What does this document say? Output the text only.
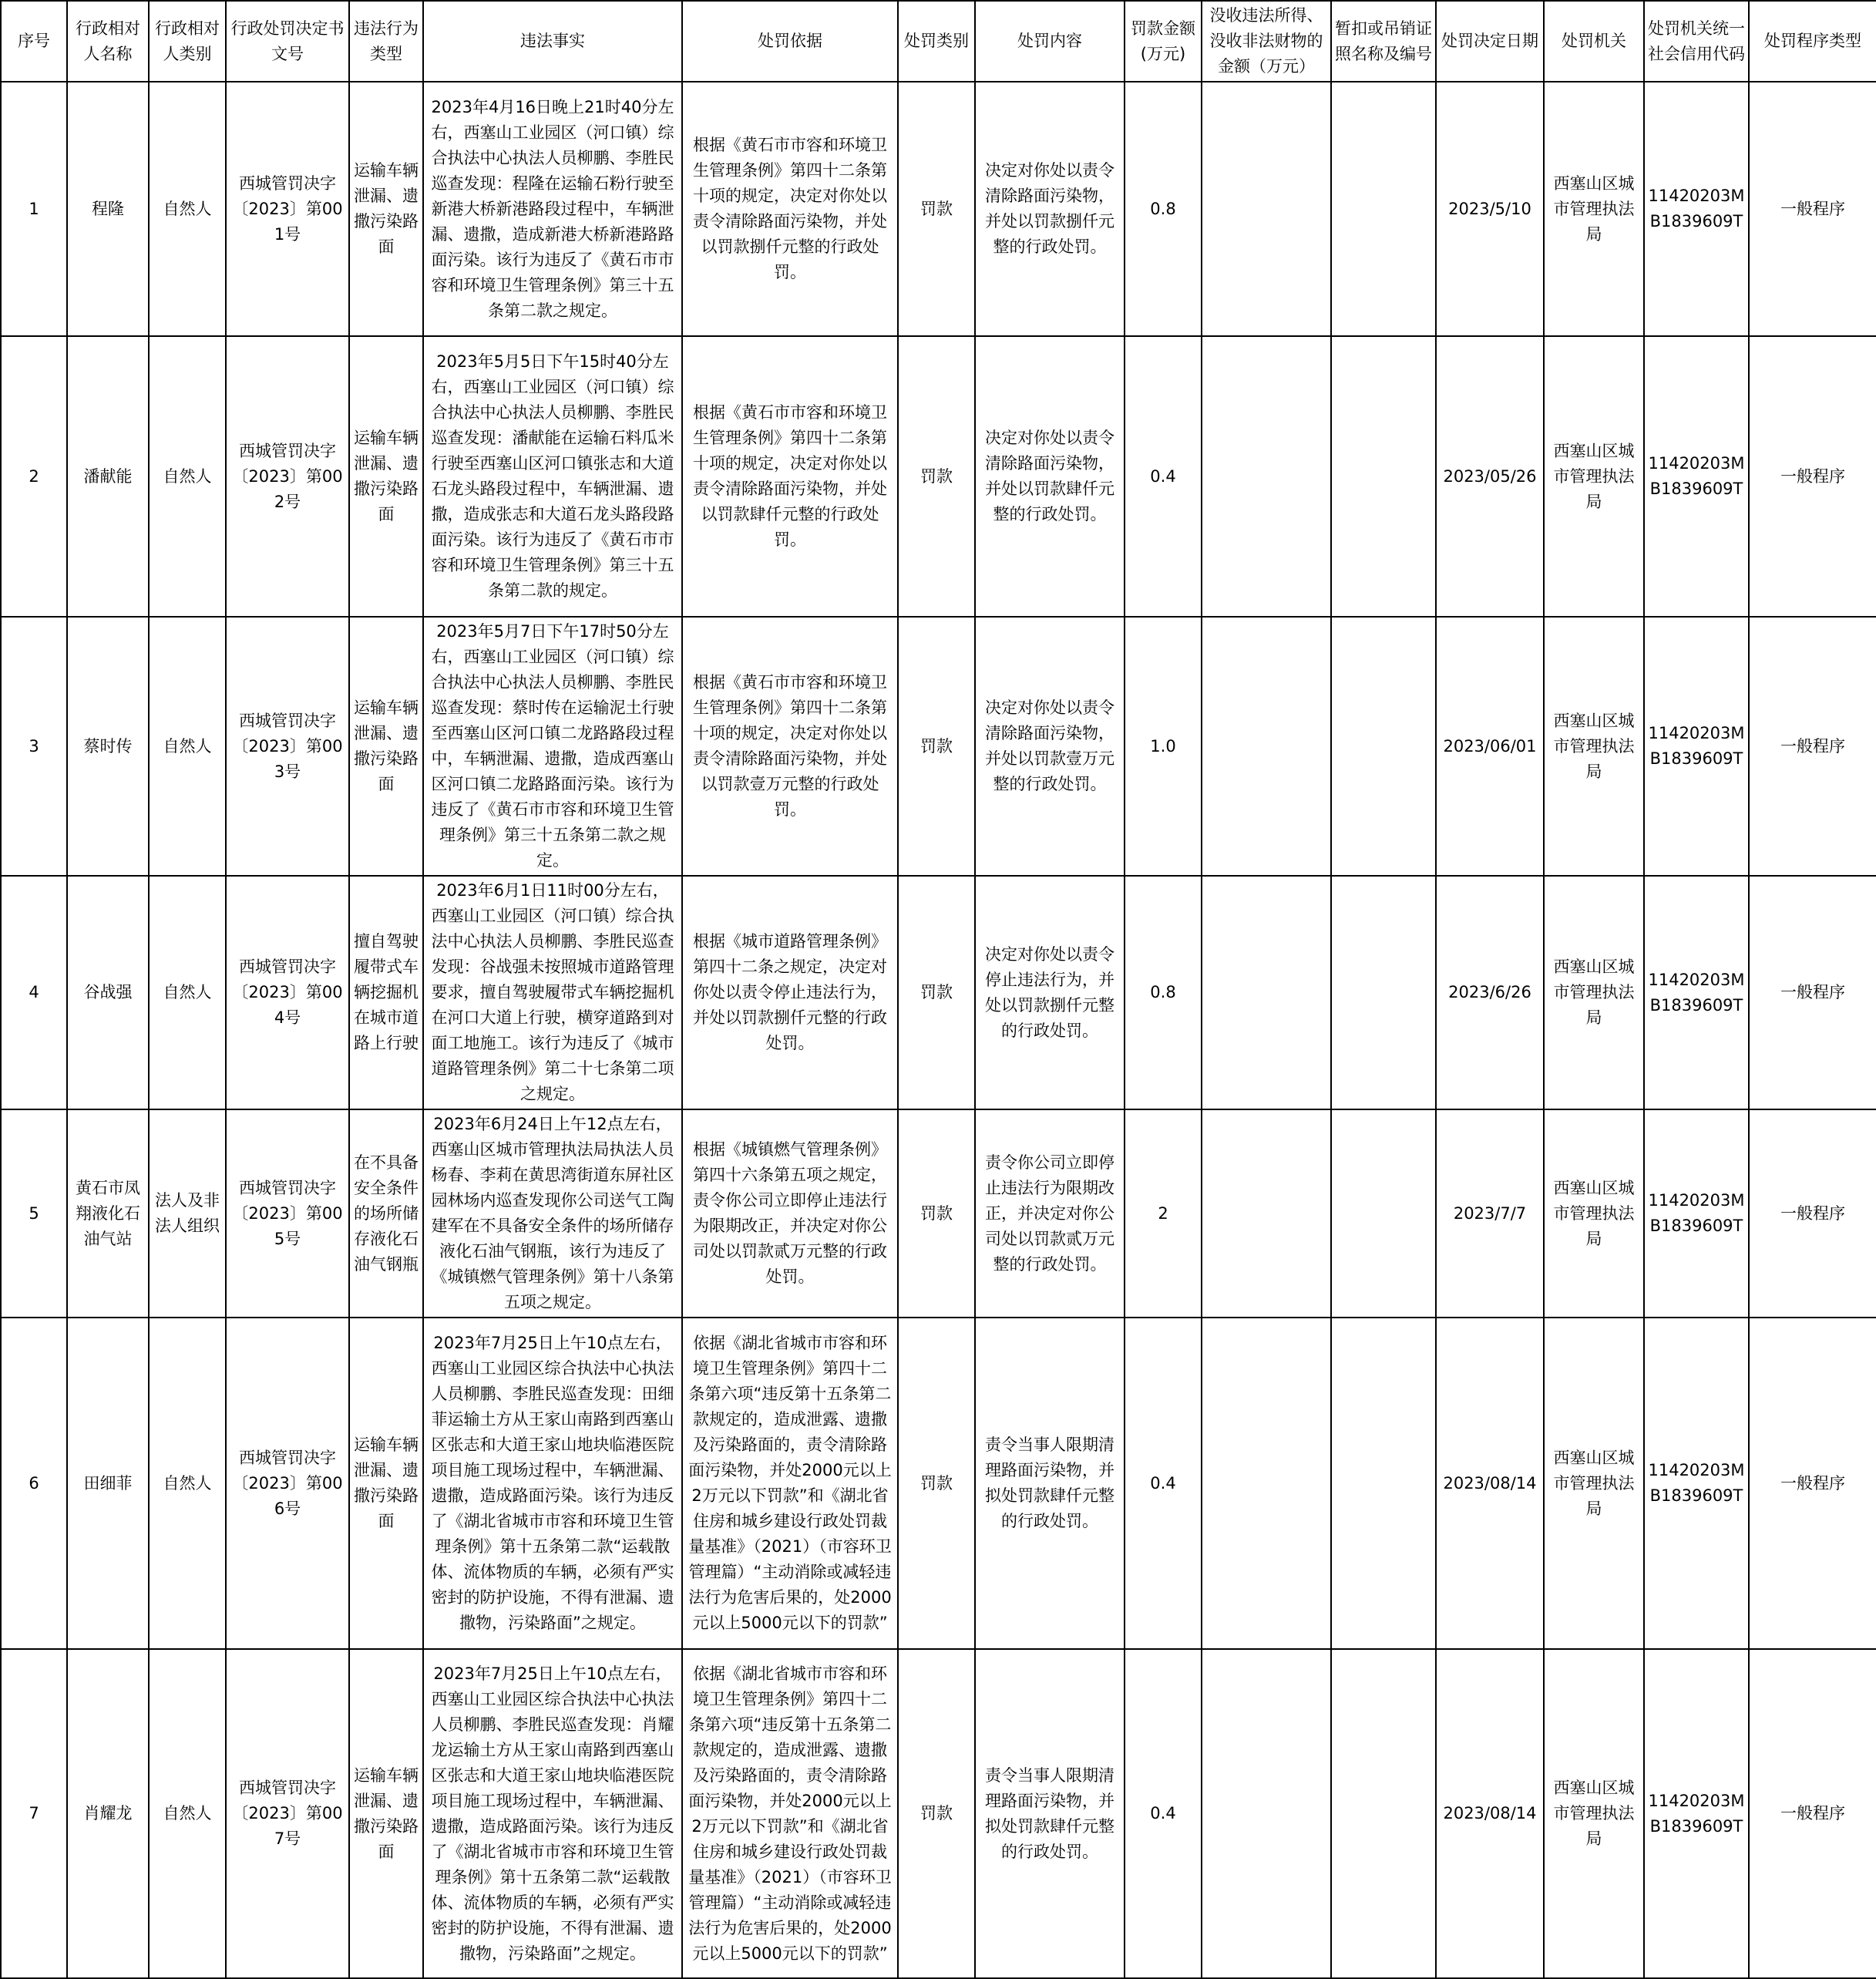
序号	行政相对人名称	行政相对人类别	行政处罚决定书文号	违法行为类型	违法事实	处罚依据	处罚类别	处罚内容	罚款金额(万元)	没收违法所得、没收非法财物的金额（万元）	暂扣或吊销证照名称及编号	处罚决定日期	处罚机关	处罚机关统一社会信用代码	处罚程序类型
1	程隆	自然人	西城管罚决字〔2023〕第001号	运输车辆泄漏、遗撒污染路面	2023年4月16日晚上21时40分左右，西塞山工业园区（河口镇）综合执法中心执法人员柳鹏、李胜民巡查发现：程隆在运输石粉行驶至新港大桥新港路段过程中，车辆泄漏、遗撒，造成新港大桥新港路路面污染。该行为违反了《黄石市市容和环境卫生管理条例》第三十五条第二款之规定。	根据《黄石市市容和环境卫生管理条例》第四十二条第十项的规定，决定对你处以责令清除路面污染物，并处以罚款捌仟元整的行政处罚。	罚款	决定对你处以责令清除路面污染物，并处以罚款捌仟元整的行政处罚。	0.8			2023/5/10	西塞山区城市管理执法局	11420203MB1839609T	一般程序
2	潘献能	自然人	西城管罚决字〔2023〕第002号	运输车辆泄漏、遗撒污染路面	2023年5月5日下午15时40分左右，西塞山工业园区（河口镇）综合执法中心执法人员柳鹏、李胜民巡查发现：潘献能在运输石料瓜米行驶至西塞山区河口镇张志和大道石龙头路段过程中，车辆泄漏、遗撒，造成张志和大道石龙头路段路面污染。该行为违反了《黄石市市容和环境卫生管理条例》第三十五条第二款的规定。	根据《黄石市市容和环境卫生管理条例》第四十二条第十项的规定，决定对你处以责令清除路面污染物，并处以罚款肆仟元整的行政处罚。	罚款	决定对你处以责令清除路面污染物，并处以罚款肆仟元整的行政处罚。	0.4			2023/05/26	西塞山区城市管理执法局	11420203MB1839609T	一般程序
3	蔡时传	自然人	西城管罚决字〔2023〕第003号	运输车辆泄漏、遗撒污染路面	2023年5月7日下午17时50分左右，西塞山工业园区（河口镇）综合执法中心执法人员柳鹏、李胜民巡查发现：蔡时传在运输泥土行驶至西塞山区河口镇二龙路路段过程中，车辆泄漏、遗撒，造成西塞山区河口镇二龙路路面污染。该行为违反了《黄石市市容和环境卫生管理条例》第三十五条第二款之规定。	根据《黄石市市容和环境卫生管理条例》第四十二条第十项的规定，决定对你处以责令清除路面污染物，并处以罚款壹万元整的行政处罚。	罚款	决定对你处以责令清除路面污染物，并处以罚款壹万元整的行政处罚。	1.0			2023/06/01	西塞山区城市管理执法局	11420203MB1839609T	一般程序
4	谷战强	自然人	西城管罚决字〔2023〕第004号	擅自驾驶履带式车辆挖掘机在城市道路上行驶	2023年6月1日11时00分左右，西塞山工业园区（河口镇）综合执法中心执法人员柳鹏、李胜民巡查发现：谷战强未按照城市道路管理要求，擅自驾驶履带式车辆挖掘机在河口大道上行驶，横穿道路到对面工地施工。该行为违反了《城市道路管理条例》第二十七条第二项之规定。	根据《城市道路管理条例》第四十二条之规定，决定对你处以责令停止违法行为，并处以罚款捌仟元整的行政处罚。	罚款	决定对你处以责令停止违法行为，并处以罚款捌仟元整的行政处罚。	0.8			2023/6/26	西塞山区城市管理执法局	11420203MB1839609T	一般程序
5	黄石市凤翔液化石油气站	法人及非法人组织	西城管罚决字〔2023〕第005号	在不具备安全条件的场所储存液化石油气钢瓶	2023年6月24日上午12点左右，西塞山区城市管理执法局执法人员杨春、李莉在黄思湾街道东屏社区园林场内巡查发现你公司送气工陶建军在不具备安全条件的场所储存液化石油气钢瓶，该行为违反了《城镇燃气管理条例》第十八条第五项之规定。	根据《城镇燃气管理条例》第四十六条第五项之规定，责令你公司立即停止违法行为限期改正，并决定对你公司处以罚款贰万元整的行政处罚。	罚款	责令你公司立即停止违法行为限期改正，并决定对你公司处以罚款贰万元整的行政处罚。	2			2023/7/7	西塞山区城市管理执法局	11420203MB1839609T	一般程序
6	田细菲	自然人	西城管罚决字〔2023〕第006号	运输车辆泄漏、遗撒污染路面	2023年7月25日上午10点左右，西塞山工业园区综合执法中心执法人员柳鹏、李胜民巡查发现：田细菲运输土方从王家山南路到西塞山区张志和大道王家山地块临港医院项目施工现场过程中，车辆泄漏、遗撒，造成路面污染。该行为违反了《湖北省城市市容和环境卫生管理条例》第十五条第二款“运载散体、流体物质的车辆，必须有严实密封的防护设施，不得有泄漏、遗撒物，污染路面”之规定。	依据《湖北省城市市容和环境卫生管理条例》第四十二条第六项“违反第十五条第二款规定的，造成泄露、遗撒及污染路面的，责令清除路面污染物，并处2000元以上2万元以下罚款”和《湖北省住房和城乡建设行政处罚裁量基准》（2021）（市容环卫管理篇）“主动消除或减轻违法行为危害后果的，处2000元以上5000元以下的罚款”	罚款	责令当事人限期清理路面污染物，并拟处罚款肆仟元整的行政处罚。	0.4			2023/08/14	西塞山区城市管理执法局	11420203MB1839609T	一般程序
7	肖耀龙	自然人	西城管罚决字〔2023〕第007号	运输车辆泄漏、遗撒污染路面	2023年7月25日上午10点左右，西塞山工业园区综合执法中心执法人员柳鹏、李胜民巡查发现：肖耀龙运输土方从王家山南路到西塞山区张志和大道王家山地块临港医院项目施工现场过程中，车辆泄漏、遗撒，造成路面污染。该行为违反了《湖北省城市市容和环境卫生管理条例》第十五条第二款“运载散体、流体物质的车辆，必须有严实密封的防护设施，不得有泄漏、遗撒物，污染路面”之规定。	依据《湖北省城市市容和环境卫生管理条例》第四十二条第六项“违反第十五条第二款规定的，造成泄露、遗撒及污染路面的，责令清除路面污染物，并处2000元以上2万元以下罚款”和《湖北省住房和城乡建设行政处罚裁量基准》（2021）（市容环卫管理篇）“主动消除或减轻违法行为危害后果的，处2000元以上5000元以下的罚款”	罚款	责令当事人限期清理路面污染物，并拟处罚款肆仟元整的行政处罚。	0.4			2023/08/14	西塞山区城市管理执法局	11420203MB1839609T	一般程序
